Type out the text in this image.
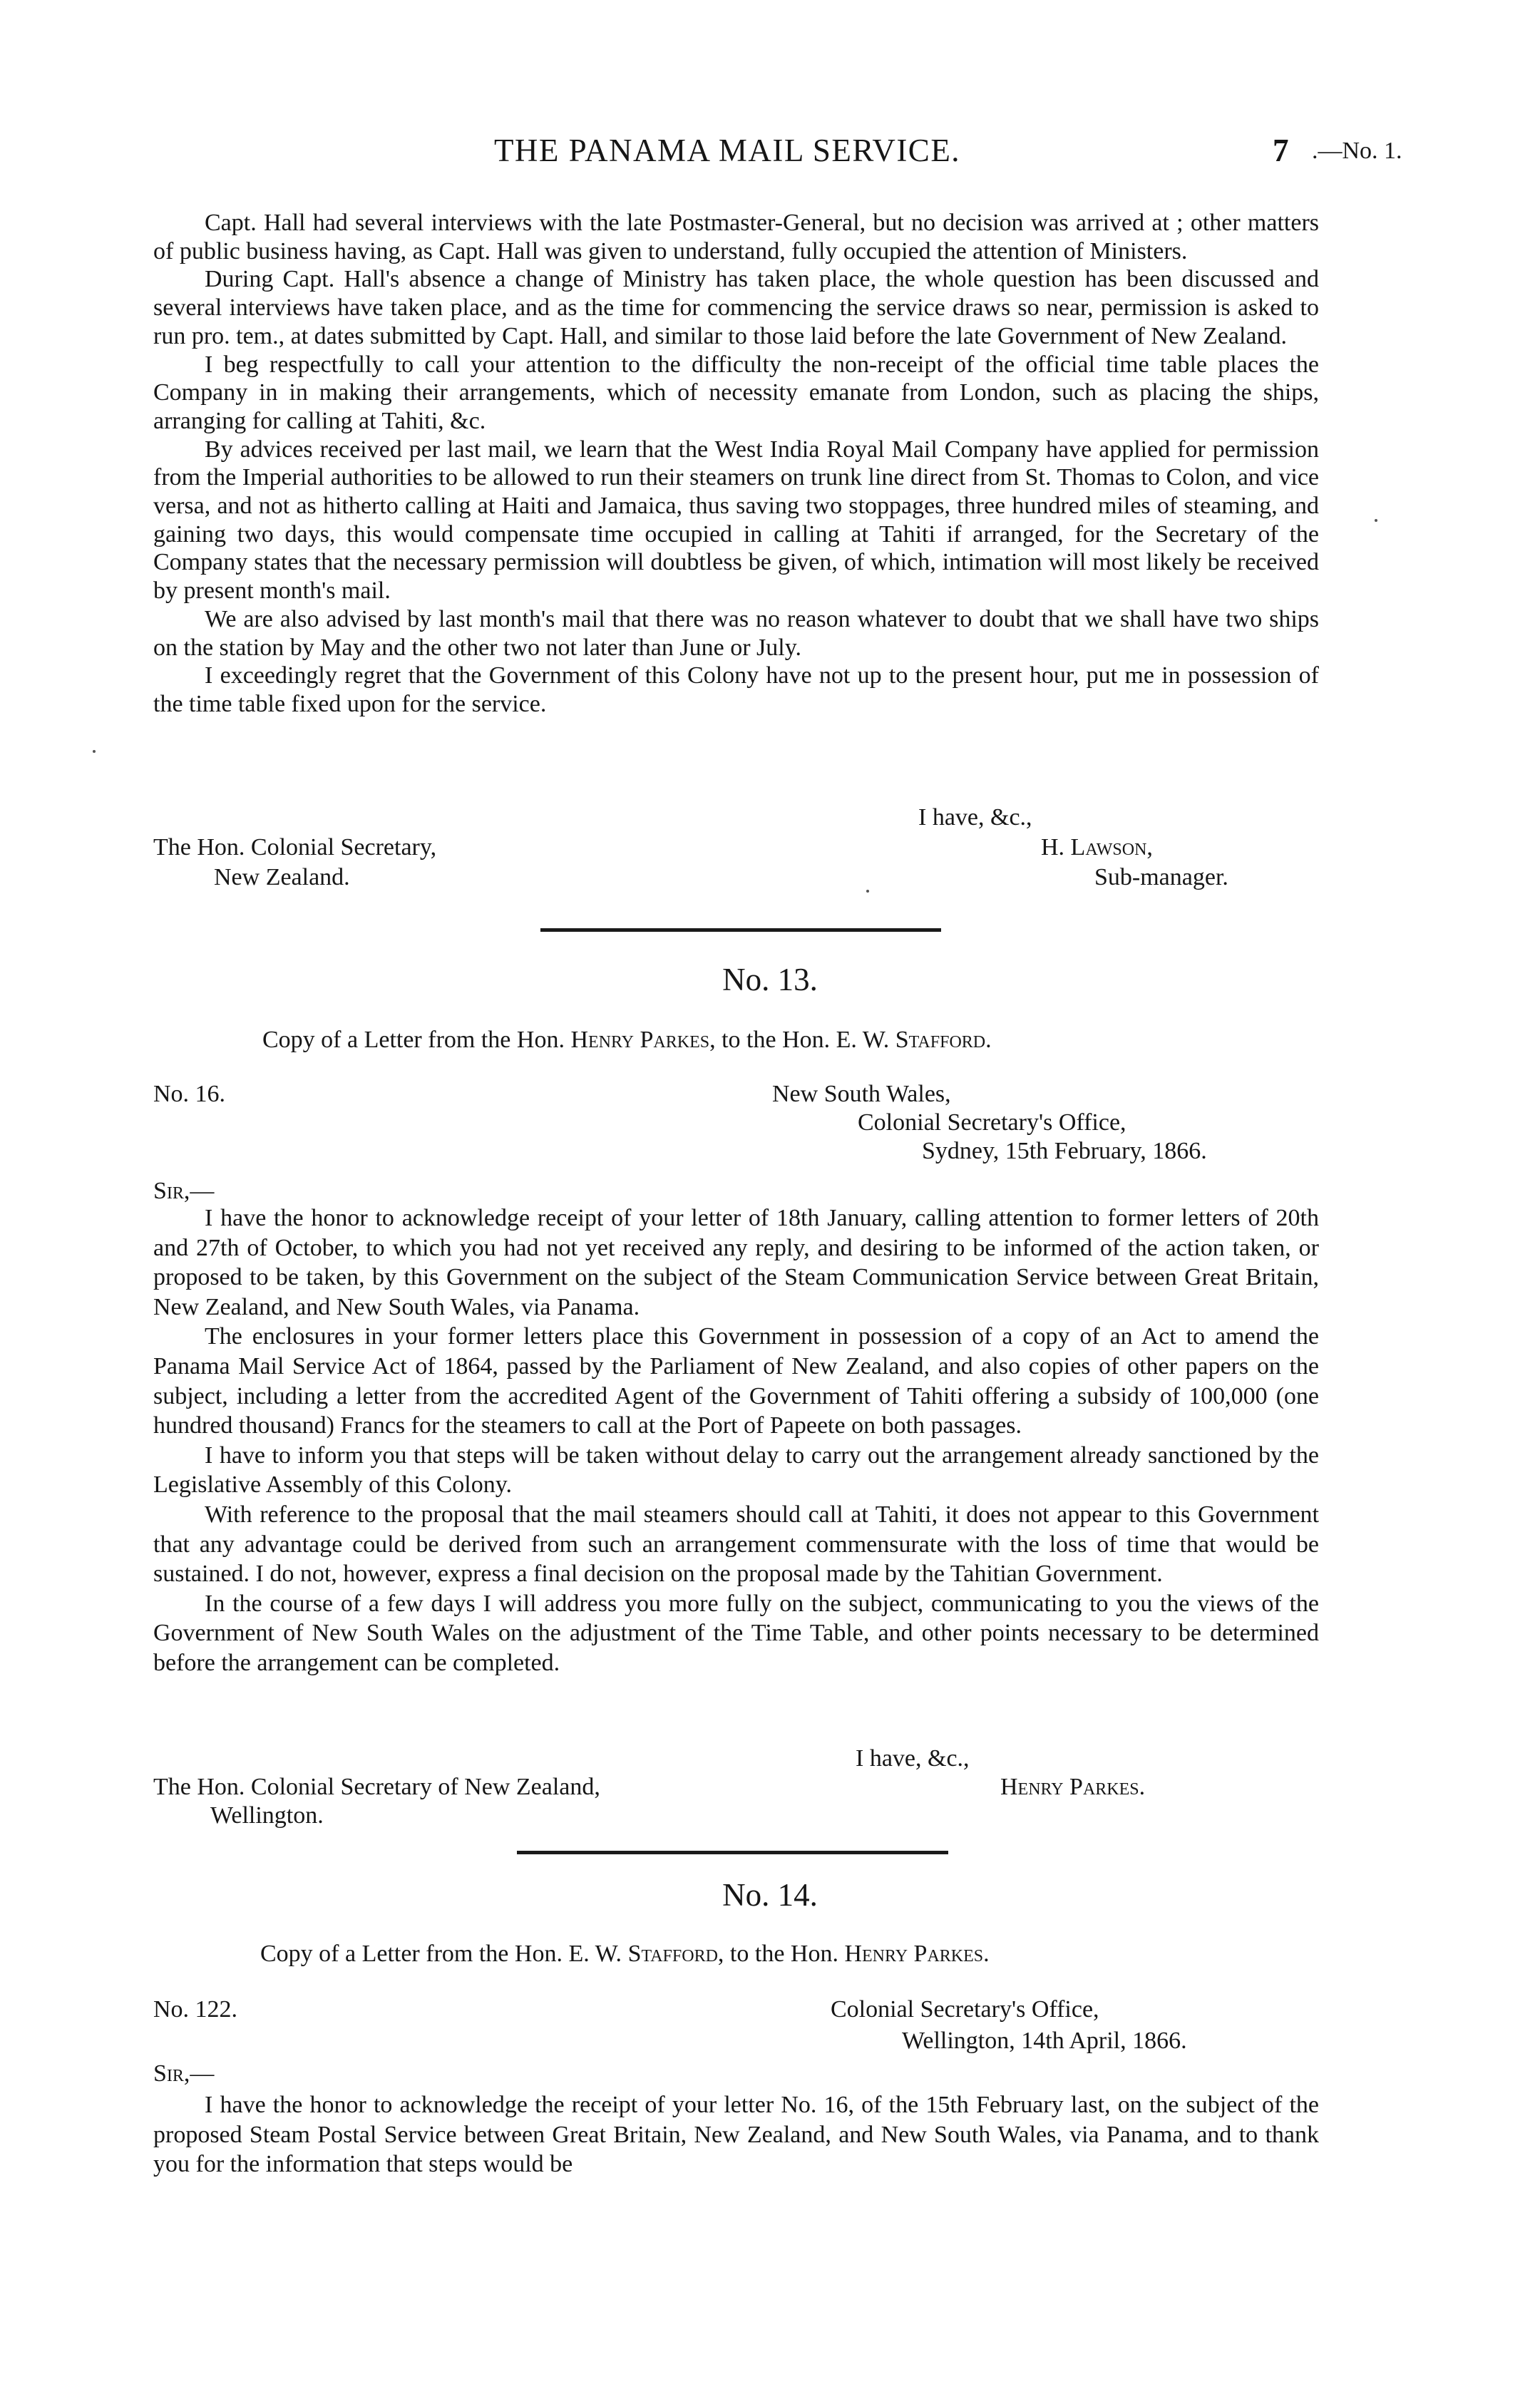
THE PANAMA MAIL SERVICE.	7 .—No. 1.

Capt. Hall had several interviews with the late Postmaster-General, but no decision was arrived at ; other matters of public business having, as Capt. Hall was given to understand, fully occupied the attention of Ministers.

During Capt. Hall's absence a change of Ministry has taken place, the whole question has been discussed and several interviews have taken place, and as the time for commencing the service draws so near, permission is asked to run pro. tem., at dates submitted by Capt. Hall, and similar to those laid before the late Government of New Zealand.

I beg respectfully to call your attention to the difficulty the non-receipt of the official time table places the Company in in making their arrangements, which of necessity emanate from London, such as placing the ships, arranging for calling at Tahiti, &c.

By advices received per last mail, we learn that the West India Royal Mail Company have applied for permission from the Imperial authorities to be allowed to run their steamers on trunk line direct from St. Thomas to Colon, and vice versa, and not as hitherto calling at Haiti and Jamaica, thus saving two stoppages, three hundred miles of steaming, and gaining two days, this would compensate time occupied in calling at Tahiti if arranged, for the Secretary of the Company states that the necessary permission will doubtless be given, of which, intimation will most likely be received by present month's mail.

We are also advised by last month's mail that there was no reason whatever to doubt that we shall have two ships on the station by May and the other two not later than June or July.

I exceedingly regret that the Government of this Colony have not up to the present hour, put me in possession of the time table fixed upon for the service.

I have, &c.,
The Hon. Colonial Secretary,	H. Lawson,
New Zealand.	Sub-manager.
No. 13.
Copy of a Letter from the Hon. Henry Parkes, to the Hon. E. W. Stafford.
No. 16.	New South Wales,
Colonial Secretary's Office,
Sydney, 15th February, 1866.
Sir,—

I have the honor to acknowledge receipt of your letter of 18th January, calling attention to former letters of 20th and 27th of October, to which you had not yet received any reply, and desiring to be informed of the action taken, or proposed to be taken, by this Government on the subject of the Steam Communication Service between Great Britain, New Zealand, and New South Wales, via Panama.

The enclosures in your former letters place this Government in possession of a copy of an Act to amend the Panama Mail Service Act of 1864, passed by the Parliament of New Zealand, and also copies of other papers on the subject, including a letter from the accredited Agent of the Government of Tahiti offering a subsidy of 100,000 (one hundred thousand) Francs for the steamers to call at the Port of Papeete on both passages.

I have to inform you that steps will be taken without delay to carry out the arrangement already sanctioned by the Legislative Assembly of this Colony.

With reference to the proposal that the mail steamers should call at Tahiti, it does not appear to this Government that any advantage could be derived from such an arrangement commensurate with the loss of time that would be sustained. I do not, however, express a final decision on the proposal made by the Tahitian Government.

In the course of a few days I will address you more fully on the subject, communicating to you the views of the Government of New South Wales on the adjustment of the Time Table, and other points necessary to be determined before the arrangement can be completed.

I have, &c.,
The Hon. Colonial Secretary of New Zealand,	Henry Parkes.
Wellington.
No. 14.
Copy of a Letter from the Hon. E. W. Stafford, to the Hon. Henry Parkes.
No. 122.	Colonial Secretary's Office,
Wellington, 14th April, 1866.
Sir,—

I have the honor to acknowledge the receipt of your letter No. 16, of the 15th February last, on the subject of the proposed Steam Postal Service between Great Britain, New Zealand, and New South Wales, via Panama, and to thank you for the information that steps would be
